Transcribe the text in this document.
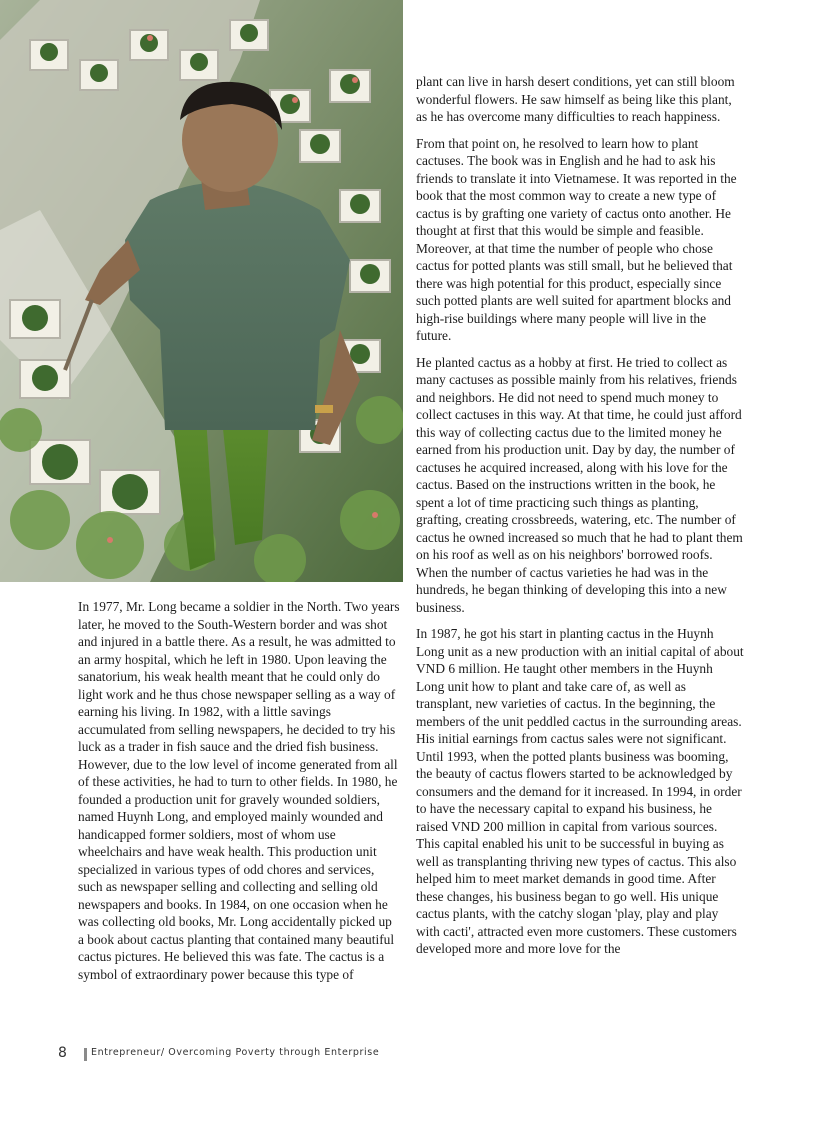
In 1977, Mr. Long became a soldier in the North. Two years later, he moved to the South-Western border and was shot and injured in a battle there. As a result, he was admitted to an army hospital, which he left in 1980. Upon leaving the sanatorium, his weak health meant that he could only do light work and he thus chose newspaper selling as a way of earning his living. In 1982, with a little savings accumulated from selling newspapers, he decided to try his luck as a trader in fish sauce and the dried fish business. However, due to the low level of income generated from all of these activities, he had to turn to other fields. In 1980, he founded a production unit for gravely wounded soldiers, named Huynh Long, and employed mainly wounded and handicapped former soldiers, most of whom use wheelchairs and have weak health. This production unit specialized in various types of odd chores and services, such as newspaper selling and collecting and selling old newspapers and books. In 1984, on one occasion when he was collecting old books, Mr. Long accidentally picked up a book about cactus planting that contained many beautiful cactus pictures. He believed this was fate. The cactus is a symbol of extraordinary power because this type of

plant can live in harsh desert conditions, yet can still bloom wonderful flowers. He saw himself as being like this plant, as he has overcome many difficulties to reach happiness.

From that point on, he resolved to learn how to plant cactuses. The book was in English and he had to ask his friends to translate it into Vietnamese. It was reported in the book that the most common way to create a new type of cactus is by grafting one variety of cactus onto another. He thought at first that this would be simple and feasible. Moreover, at that time the number of people who chose cactus for potted plants was still small, but he believed that there was high potential for this product, especially since such potted plants are well suited for apartment blocks and high-rise buildings where many people will live in the future.

He planted cactus as a hobby at first. He tried to collect as many cactuses as possible mainly from his relatives, friends and neighbors. He did not need to spend much money to collect cactuses in this way. At that time, he could just afford this way of collecting cactus due to the limited money he earned from his production unit. Day by day, the number of cactuses he acquired increased, along with his love for the cactus. Based on the instructions written in the book, he spent a lot of time practicing such things as planting, grafting, creating crossbreeds, watering, etc. The number of cactus he owned increased so much that he had to plant them on his roof as well as on his neighbors' borrowed roofs. When the number of cactus varieties he had was in the hundreds, he began thinking of developing this into a new business.

In 1987, he got his start in planting cactus in the Huynh Long unit as a new production with an initial capital of about VND 6 million. He taught other members in the Huynh Long unit how to plant and take care of, as well as transplant, new varieties of cactus. In the beginning, the members of the unit peddled cactus in the surrounding areas. His initial earnings from cactus sales were not significant. Until 1993, when the potted plants business was booming, the beauty of cactus flowers started to be acknowledged by consumers and the demand for it increased. In 1994, in order to have the necessary capital to expand his business, he raised VND 200 million in capital from various sources. This capital enabled his unit to be successful in buying as well as transplanting thriving new types of cactus. This also helped him to meet market demands in good time. After these changes, his business began to go well. His unique cactus plants, with the catchy slogan 'play, play and play with cacti', attracted even more customers. These customers developed more and more love for the

8	Entrepreneur/ Overcoming Poverty through Enterprise
